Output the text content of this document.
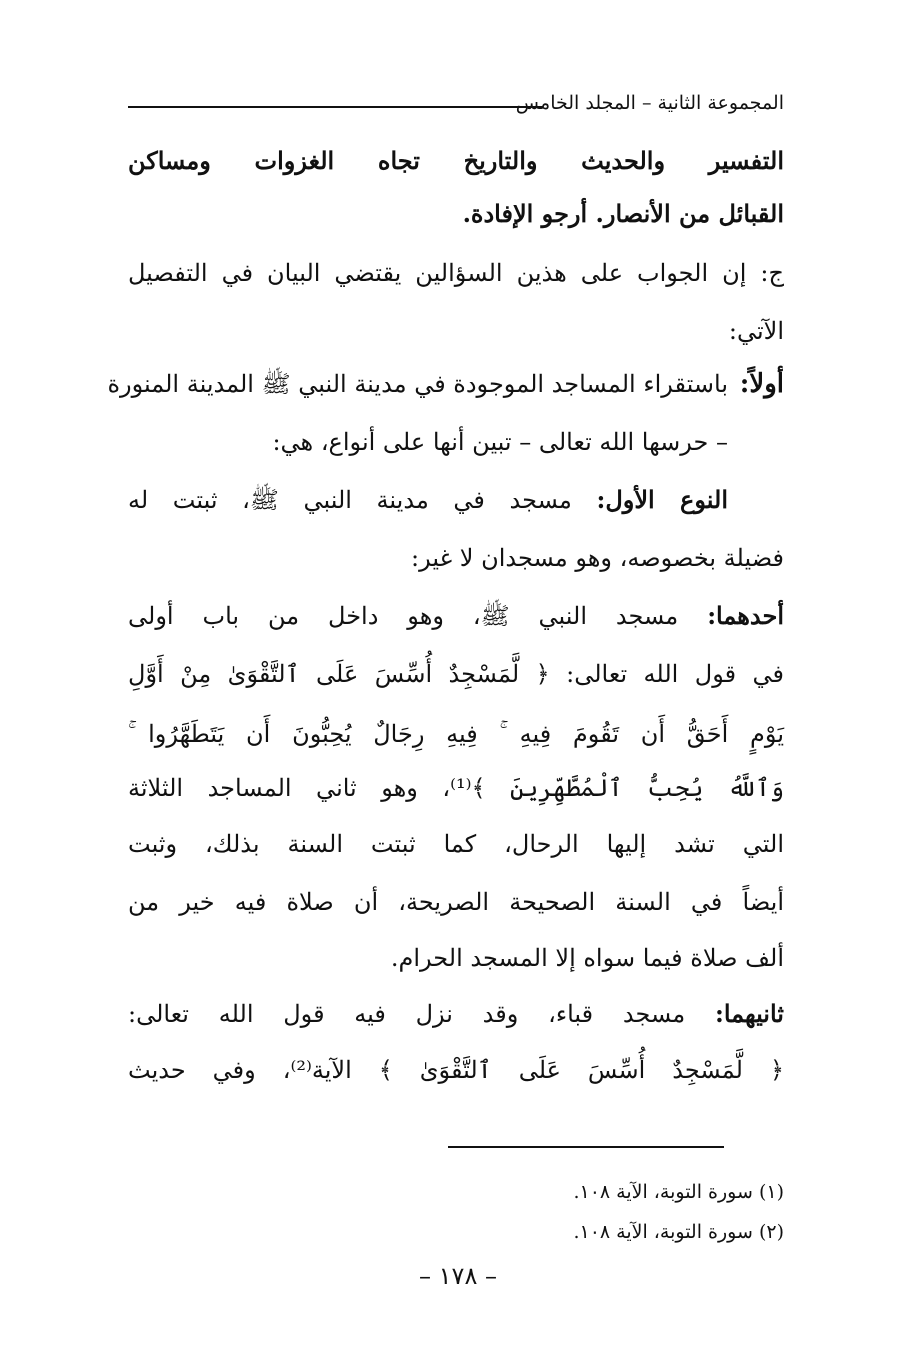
المجموعة الثانية – المجلد الخامس
التفسير والحديث والتاريخ تجاه الغزوات ومساكن
القبائل من الأنصار. أرجو الإفادة.
ج: إن الجواب على هذين السؤالين يقتضي البيان في التفصيل
الآتي:
أولاً:
باستقراء المساجد الموجودة في مدينة النبي ﷺ المدينة المنورة
– حرسها الله تعالى – تبين أنها على أنواع، هي:
النوع الأول: مسجد في مدينة النبي ﷺ، ثبتت له
فضيلة بخصوصه، وهو مسجدان لا غير:
أحدهما: مسجد النبي ﷺ، وهو داخل من باب أولى
في قول الله تعالى: ﴿ لَّمَسْجِدٌ أُسِّسَ عَلَى ٱلتَّقْوَىٰ مِنْ أَوَّلِ
يَوْمٍ أَحَقُّ أَن تَقُومَ فِيهِ ۚ فِيهِ رِجَالٌ يُحِبُّونَ أَن يَتَطَهَّرُوا ۚ
وَٱللَّهُ يُحِبُّ ٱلْمُطَّهِّرِينَ ﴾⁽¹⁾، وهو ثاني المساجد الثلاثة
التي تشد إليها الرحال، كما ثبتت السنة بذلك، وثبت
أيضاً في السنة الصحيحة الصريحة، أن صلاة فيه خير من
ألف صلاة فيما سواه إلا المسجد الحرام.
ثانيهما: مسجد قباء، وقد نزل فيه قول الله تعالى:
﴿ لَّمَسْجِدٌ أُسِّسَ عَلَى ٱلتَّقْوَىٰ ﴾ الآية⁽²⁾، وفي حديث
(١) سورة التوبة، الآية ١٠٨.
(٢) سورة التوبة، الآية ١٠٨.
– ١٧٨ –
